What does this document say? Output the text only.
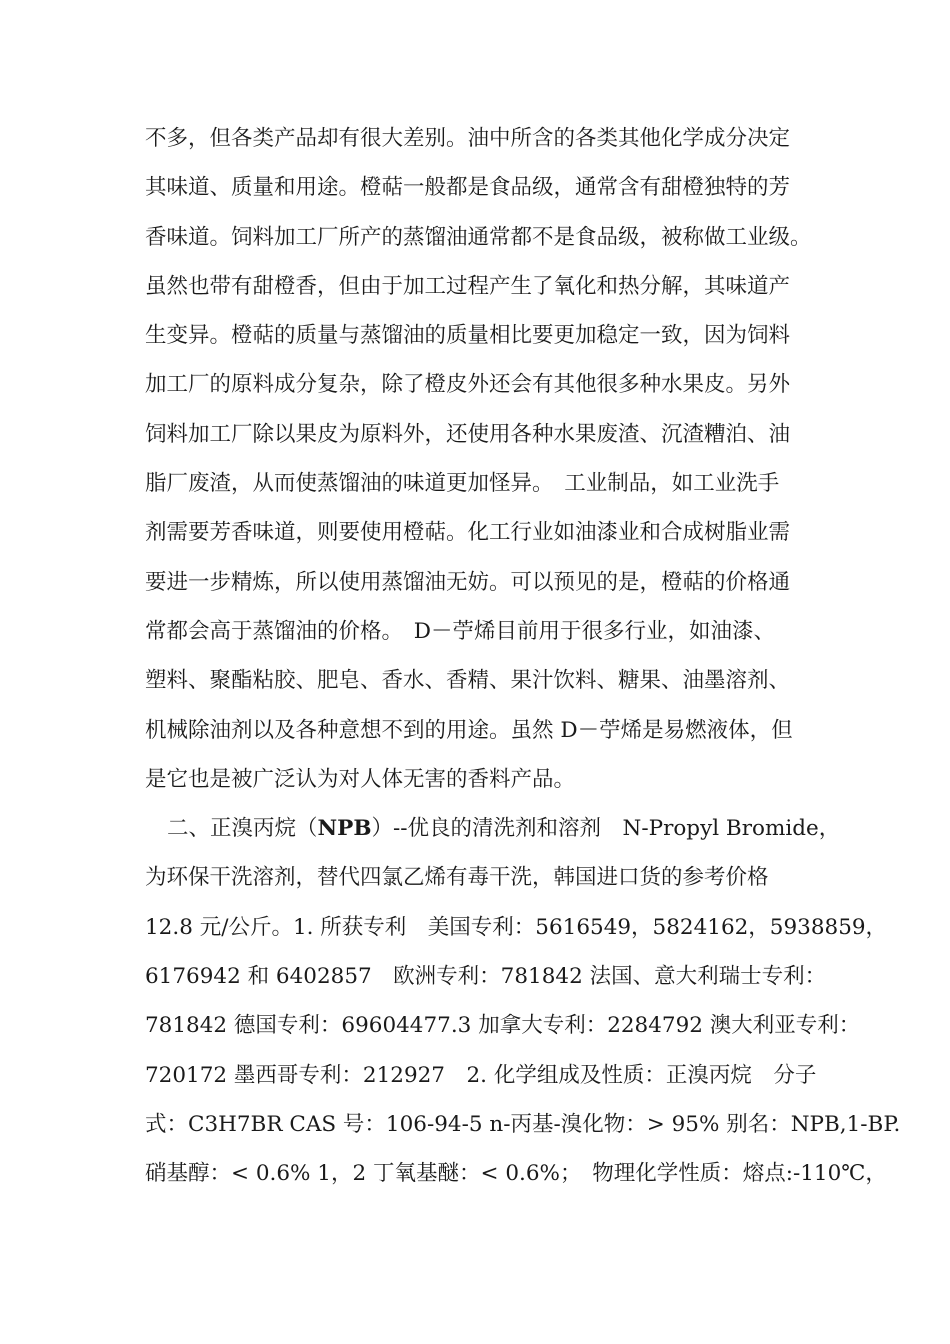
不多，但各类产品却有很大差别。油中所含的各类其他化学成分决定
其味道、质量和用途。橙萜一般都是食品级，通常含有甜橙独特的芳
香味道。饲料加工厂所产的蒸馏油通常都不是食品级，被称做工业级。
虽然也带有甜橙香，但由于加工过程产生了氧化和热分解，其味道产
生变异。橙萜的质量与蒸馏油的质量相比要更加稳定一致，因为饲料
加工厂的原料成分复杂，除了橙皮外还会有其他很多种水果皮。另外
饲料加工厂除以果皮为原料外，还使用各种水果废渣、沉渣糟泊、油
脂厂废渣，从而使蒸馏油的味道更加怪异。　工业制品，如工业洗手
剂需要芳香味道，则要使用橙萜。化工行业如油漆业和合成树脂业需
要进一步精炼，所以使用蒸馏油无妨。可以预见的是，橙萜的价格通
常都会高于蒸馏油的价格。　D－苧烯目前用于很多行业，如油漆、
塑料、聚酯粘胶、肥皂、香水、香精、果汁饮料、糖果、油墨溶剂、
机械除油剂以及各种意想不到的用途。虽然 D－苧烯是易燃液体，但
是它也是被广泛认为对人体无害的香料产品。
二、正溴丙烷（NPB）--优良的清洗剂和溶剂　N-Propyl Bromide，
为环保干洗溶剂，替代四氯乙烯有毒干洗，韩国进口货的参考价格
12.8 元/公斤。1. 所获专利　美国专利：5616549，5824162，5938859，
6176942 和 6402857　欧洲专利：781842 法国、意大利瑞士专利：
781842 德国专利：69604477.3 加拿大专利：2284792 澳大利亚专利：
720172 墨西哥专利：212927　2. 化学组成及性质：正溴丙烷　分子
式：C3H7BR CAS 号：106-94-5 n-丙基-溴化物：> 95% 别名：NPB,1-BP.
硝基醇：< 0.6% 1，2 丁氧基醚：< 0.6%；　物理化学性质：熔点:-110℃，
